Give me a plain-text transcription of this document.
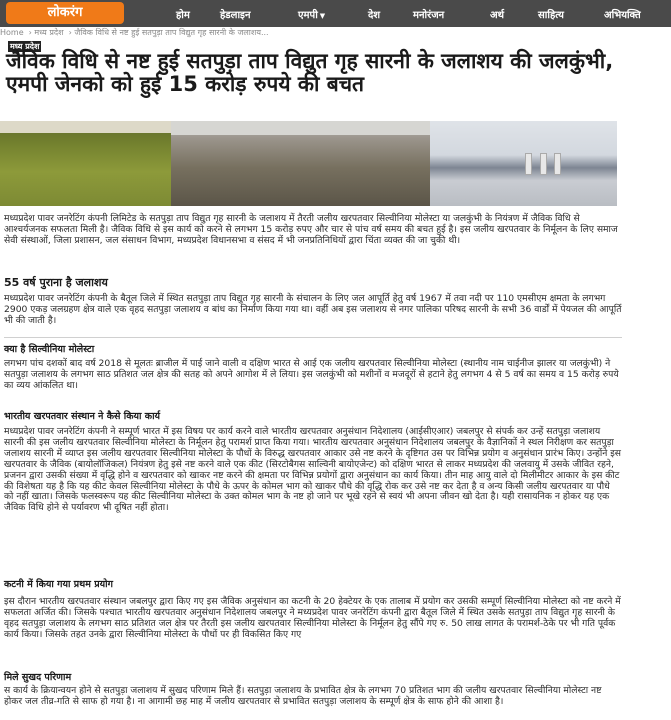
लोकरंग	होम	हेडलाइन	एमपी ▼	देश	मनोरंजन	अर्थ	साहित्य	अभियक्ति
Home › मध्य प्रदेश › जैविक विधि से नष्ट हुई सतपुड़ा ताप विद्युत गृह सारनी के जलाशय...
मध्य प्रदेश
जैविक विधि से नष्ट हुई सतपुड़ा ताप विद्युत गृह सारनी के जलाशय की जलकुंभी, एमपी जेनको को हुई 15 करोड़ रुपये की बचत
मध्यप्रदेश पावर जनरेटिंग कंपनी लिमिटेड के सतपुड़ा ताप विद्युत गृह सारनी के जलाशय में तैरती जलीय खरपतवार सिल्वीनिया मोलेस्टा या जलकुंभी के नियंत्रण में जैविक विधि से आश्चर्यजनक सफलता मिली है। जैविक विधि से इस कार्य को करने से लगभग 15 करोड़ रुपए और चार से पांच वर्ष समय की बचत हुई है। इस जलीय खरपतवार के निर्मूलन के लिए समाज सेवी संस्थाओं, जिला प्रशासन, जल संसाधन विभाग, मध्यप्रदेश विधानसभा व संसद में भी जनप्रतिनिधियों द्वारा चिंता व्यक्त की जा चुकी थी।
55 वर्ष पुराना है जलाशय
मध्यप्रदेश पावर जनरेटिंग कंपनी के बैतूल जिले में स्थित सतपुड़ा ताप विद्युत गृह सारनी के संचालन के लिए जल आपूर्ति हेतु वर्ष 1967 में तवा नदी पर 110 एमसीएम क्षमता के लगभग 2900 एकड़ जलग्रहण क्षेत्र वाले एक वृहद सतपुड़ा जलाशय व बांध का निर्माण किया गया था। वहीं अब इस जलाशय से नगर पालिका परिषद सारनी के सभी 36 वार्डों में पेयजल की आपूर्ति भी की जाती है।
क्या है सिल्वीनिया मोलेस्टा
लगभग पांच दशकों बाद वर्ष 2018 से मूलतः ब्राजील में पाई जाने वाली व दक्षिण भारत से आई एक जलीय खरपतवार सिल्वीनिया मोलेस्टा (स्थानीय नाम चाईनीज झालर या जलकुंभी) ने सतपुड़ा जलाशय के लगभग साठ प्रतिशत जल क्षेत्र की सतह को अपने आगोश में ले लिया। इस जलकुंभी को मशीनों व मजदूरों से हटाने हेतु लगभग 4 से 5 वर्ष का समय व 15 करोड़ रुपये का व्यय आंकलित था।
भारतीय खरपतवार संस्थान ने कैसे किया कार्य
मध्यप्रदेश पावर जनरेटिंग कंपनी ने सम्पूर्ण भारत में इस विषय पर कार्य करने वाले भारतीय खरपतवार अनुसंधान निदेशालय (आईसीएआर) जबलपुर से संपर्क कर उन्हें सतपुड़ा जलाशय सारनी की इस जलीय खरपतवार सिल्वीनिया मोलेस्टा के निर्मूलन हेतु परामर्श प्राप्त किया गया। भारतीय खरपतवार अनुसंधान निदेशालय जबलपुर के वैज्ञानिकों ने स्थल निरीक्षण कर सतपुड़ा जलाशय सारनी में व्याप्त इस जलीय खरपतवार सिल्वीनिया मोलेस्टा के पौधों के विरुद्ध खरपतवार आकार उसे नष्ट करने के दृष्टिगत उस पर विभिन्न प्रयोग व अनुसंधान प्रारंभ किए। उन्होंने इस खरपतवार के जैविक (बायोलॉजिकल) नियंत्रण हेतु इसे नष्ट करने वाले एक कीट (सिरटोबैगस साल्विनी बायोएजेन्ट) को दक्षिण भारत से लाकर मध्यप्रदेश की जलवायु में उसके जीवित रहने, प्रजनन द्वारा उसकी संख्या में वृद्धि होने व खरपतवार को खाकर नष्ट करने की क्षमता पर विभिन्न प्रयोगों द्वारा अनुसंधान का कार्य किया। तीन माह आयु वाले दो मिलीमीटर आकार के इस कीट की विशेषता यह है कि यह कीट केवल सिल्वीनिया मोलेस्टा के पौधे के ऊपर के कोमल भाग को खाकर पौधे की वृद्धि रोक कर उसे नष्ट कर देता है व अन्य किसी जलीय खरपतवार या पौधे को नहीं खाता। जिसके फलस्वरूप यह कीट सिल्वीनिया मोलेस्टा के उक्त कोमल भाग के नष्ट हो जाने पर भूखे रहने से स्वयं भी अपना जीवन खो देता है। यही रासायनिक न होकर यह एक जैविक विधि होने से पर्यावरण भी दूषित नहीं होता।
कटनी में किया गया प्रथम प्रयोग
इस दौरान भारतीय खरपतवार संस्थान जबलपुर द्वारा किए गए इस जैविक अनुसंधान का कटनी के 20 हेक्टेयर के एक तालाब में प्रयोग कर उसकी सम्पूर्ण सिल्वीनिया मोलेस्टा को नष्ट करने में सफलता अर्जित की। जिसके पश्चात भारतीय खरपतवार अनुसंधान निदेशालय जबलपुर ने मध्यप्रदेश पावर जनरेटिंग कंपनी द्वारा बैतूल जिले में स्थित उसके सतपुड़ा ताप विद्युत गृह सारनी के वृहद सतपुड़ा जलाशय के लगभग साठ प्रतिशत जल क्षेत्र पर तैरती इस जलीय खरपतवार सिल्वीनिया मोलेस्टा के निर्मूलन हेतु सौंपे गए रु. 50 लाख लागत के परामर्श-ठेके पर भी गति पूर्वक कार्य किया। जिसके तहत उनके द्वारा सिल्वीनिया मोलेस्टा के पौधों पर ही विकसित किए गए
मिले सुखद परिणाम
स कार्य के क्रियान्वयन होने से सतपुड़ा जलाशय में सुखद परिणाम मिले हैं। सतपुड़ा जलाशय के प्रभावित क्षेत्र के लगभग 70 प्रतिशत भाग की जलीय खरपतवार सिल्वीनिया मोलेस्टा नष्ट होकर जल तीव्र-गति से साफ हो गया है। ना आगामी छह माह में जलीय खरपतवार से प्रभावित सतपुड़ा जलाशय के सम्पूर्ण क्षेत्र के साफ होने की आशा है।
